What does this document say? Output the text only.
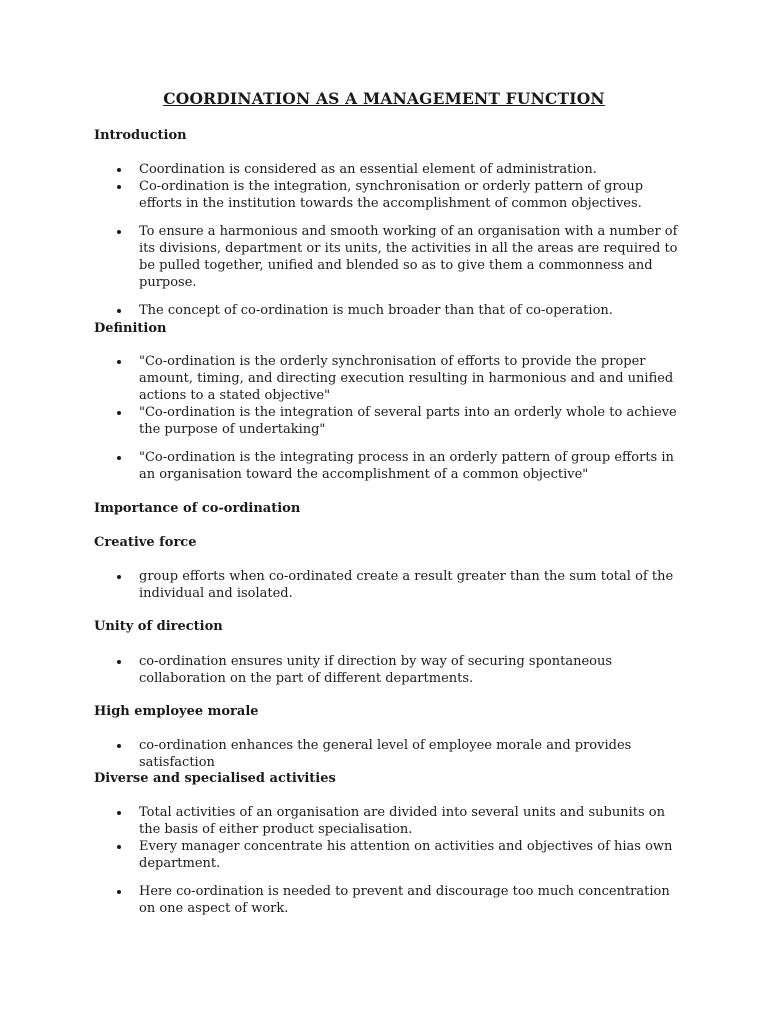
COORDINATION AS A MANAGEMENT FUNCTION
Introduction
Coordination is considered as an essential element of administration.
Co-ordination is the integration, synchronisation or orderly pattern of group efforts in the institution towards the accomplishment of common objectives.
To ensure a harmonious and smooth working of an organisation with a number of its divisions, department or its units, the activities in all the areas are required to be pulled together, unified and blended so as to give them a commonness and purpose.
The concept of co-ordination is much broader than that of co-operation.
Definition
"Co-ordination is the orderly synchronisation of efforts to provide the proper amount, timing, and directing execution resulting in harmonious and and unified actions to a stated objective"
"Co-ordination is the integration of several parts into an orderly whole to achieve the purpose of undertaking"
"Co-ordination is the integrating process in an orderly pattern of group efforts in an organisation toward the accomplishment of a common objective"
Importance of co-ordination
Creative force
group efforts when co-ordinated create a result greater than the sum total of the individual and isolated.
Unity of direction
co-ordination ensures unity if direction by way of securing spontaneous collaboration on the part of different departments.
High employee morale
co-ordination enhances the general level of employee morale and provides satisfaction
Diverse and specialised activities
Total activities of an organisation are divided into several units and subunits on the basis of either product specialisation.
Every manager concentrate his attention on activities and objectives of hias own department.
Here co-ordination is needed to prevent and discourage too much concentration on one aspect of work.
